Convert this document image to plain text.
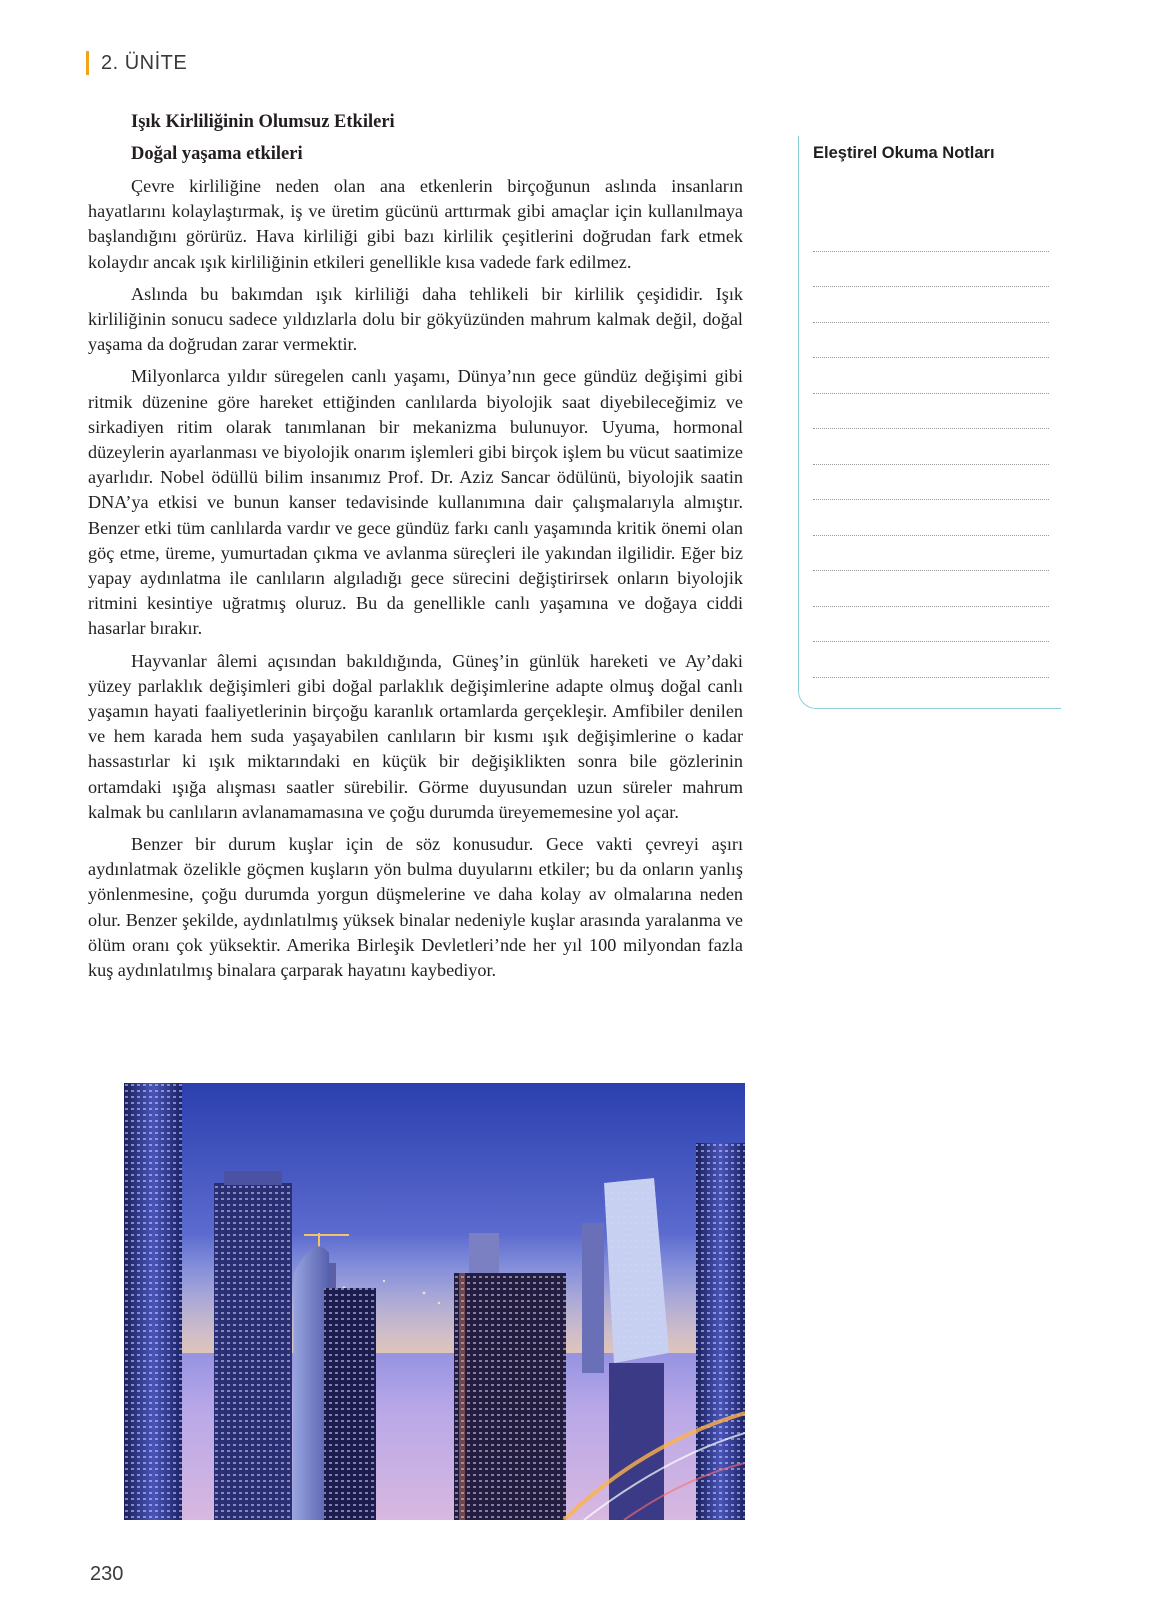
2. ÜNİTE
Işık Kirliliğinin Olumsuz Etkileri
Doğal yaşama etkileri

Çevre kirliliğine neden olan ana etkenlerin birçoğunun aslında insanların hayatlarını kolaylaştırmak, iş ve üretim gücünü arttırmak gibi amaçlar için kullanılmaya başlandığını görürüz. Hava kirliliği gibi bazı kirlilik çeşitlerini doğrudan fark etmek kolaydır ancak ışık kirliliğinin etkileri genellikle kısa vadede fark edilmez.

Aslında bu bakımdan ışık kirliliği daha tehlikeli bir kirlilik çeşididir. Işık kirliliğinin sonucu sadece yıldızlarla dolu bir gökyüzünden mahrum kalmak değil, doğal yaşama da doğrudan zarar vermektir.

Milyonlarca yıldır süregelen canlı yaşamı, Dünya’nın gece gündüz değişimi gibi ritmik düzenine göre hareket ettiğinden canlılarda biyolojik saat diyebileceğimiz ve sirkadiyen ritim olarak tanımlanan bir mekanizma bulunuyor. Uyuma, hormonal düzeylerin ayarlanması ve biyolojik onarım işlemleri gibi birçok işlem bu vücut saatimize ayarlıdır. Nobel ödüllü bilim insanımız Prof. Dr. Aziz Sancar ödülünü, biyolojik saatin DNA’ya etkisi ve bunun kanser tedavisinde kullanımına dair çalışmalarıyla almıştır. Benzer etki tüm canlılarda vardır ve gece gündüz farkı canlı yaşamında kritik önemi olan göç etme, üreme, yumurtadan çıkma ve avlanma süreçleri ile yakından ilgilidir. Eğer biz yapay aydınlatma ile canlıların algıladığı gece sürecini değiştirirsek onların biyolojik ritmini kesintiye uğratmış oluruz. Bu da genellikle canlı yaşamına ve doğaya ciddi hasarlar bırakır.

Hayvanlar âlemi açısından bakıldığında, Güneş’in günlük hareketi ve Ay’daki yüzey parlaklık değişimleri gibi doğal parlaklık değişimlerine adapte olmuş doğal canlı yaşamın hayati faaliyetlerinin birçoğu karanlık ortamlarda gerçekleşir. Amfibiler denilen ve hem karada hem suda yaşayabilen canlıların bir kısmı ışık değişimlerine o kadar hassastırlar ki ışık miktarındaki en küçük bir değişiklikten sonra bile gözlerinin ortamdaki ışığa alışması saatler sürebilir. Görme duyusundan uzun süreler mahrum kalmak bu canlıların avlanamamasına ve çoğu durumda üreyememesine yol açar.

Benzer bir durum kuşlar için de söz konusudur. Gece vakti çevreyi aşırı aydınlatmak özelikle göçmen kuşların yön bulma duyularını etkiler; bu da onların yanlış yönlenmesine, çoğu durumda yorgun düşmelerine ve daha kolay av olmalarına neden olur. Benzer şekilde, aydınlatılmış yüksek binalar nedeniyle kuşlar arasında yaralanma ve ölüm oranı çok yüksektir. Amerika Birleşik Devletleri’nde her yıl 100 milyondan fazla kuş aydınlatılmış binalara çarparak hayatını kaybediyor.

Eleştirel Okuma Notları
230
